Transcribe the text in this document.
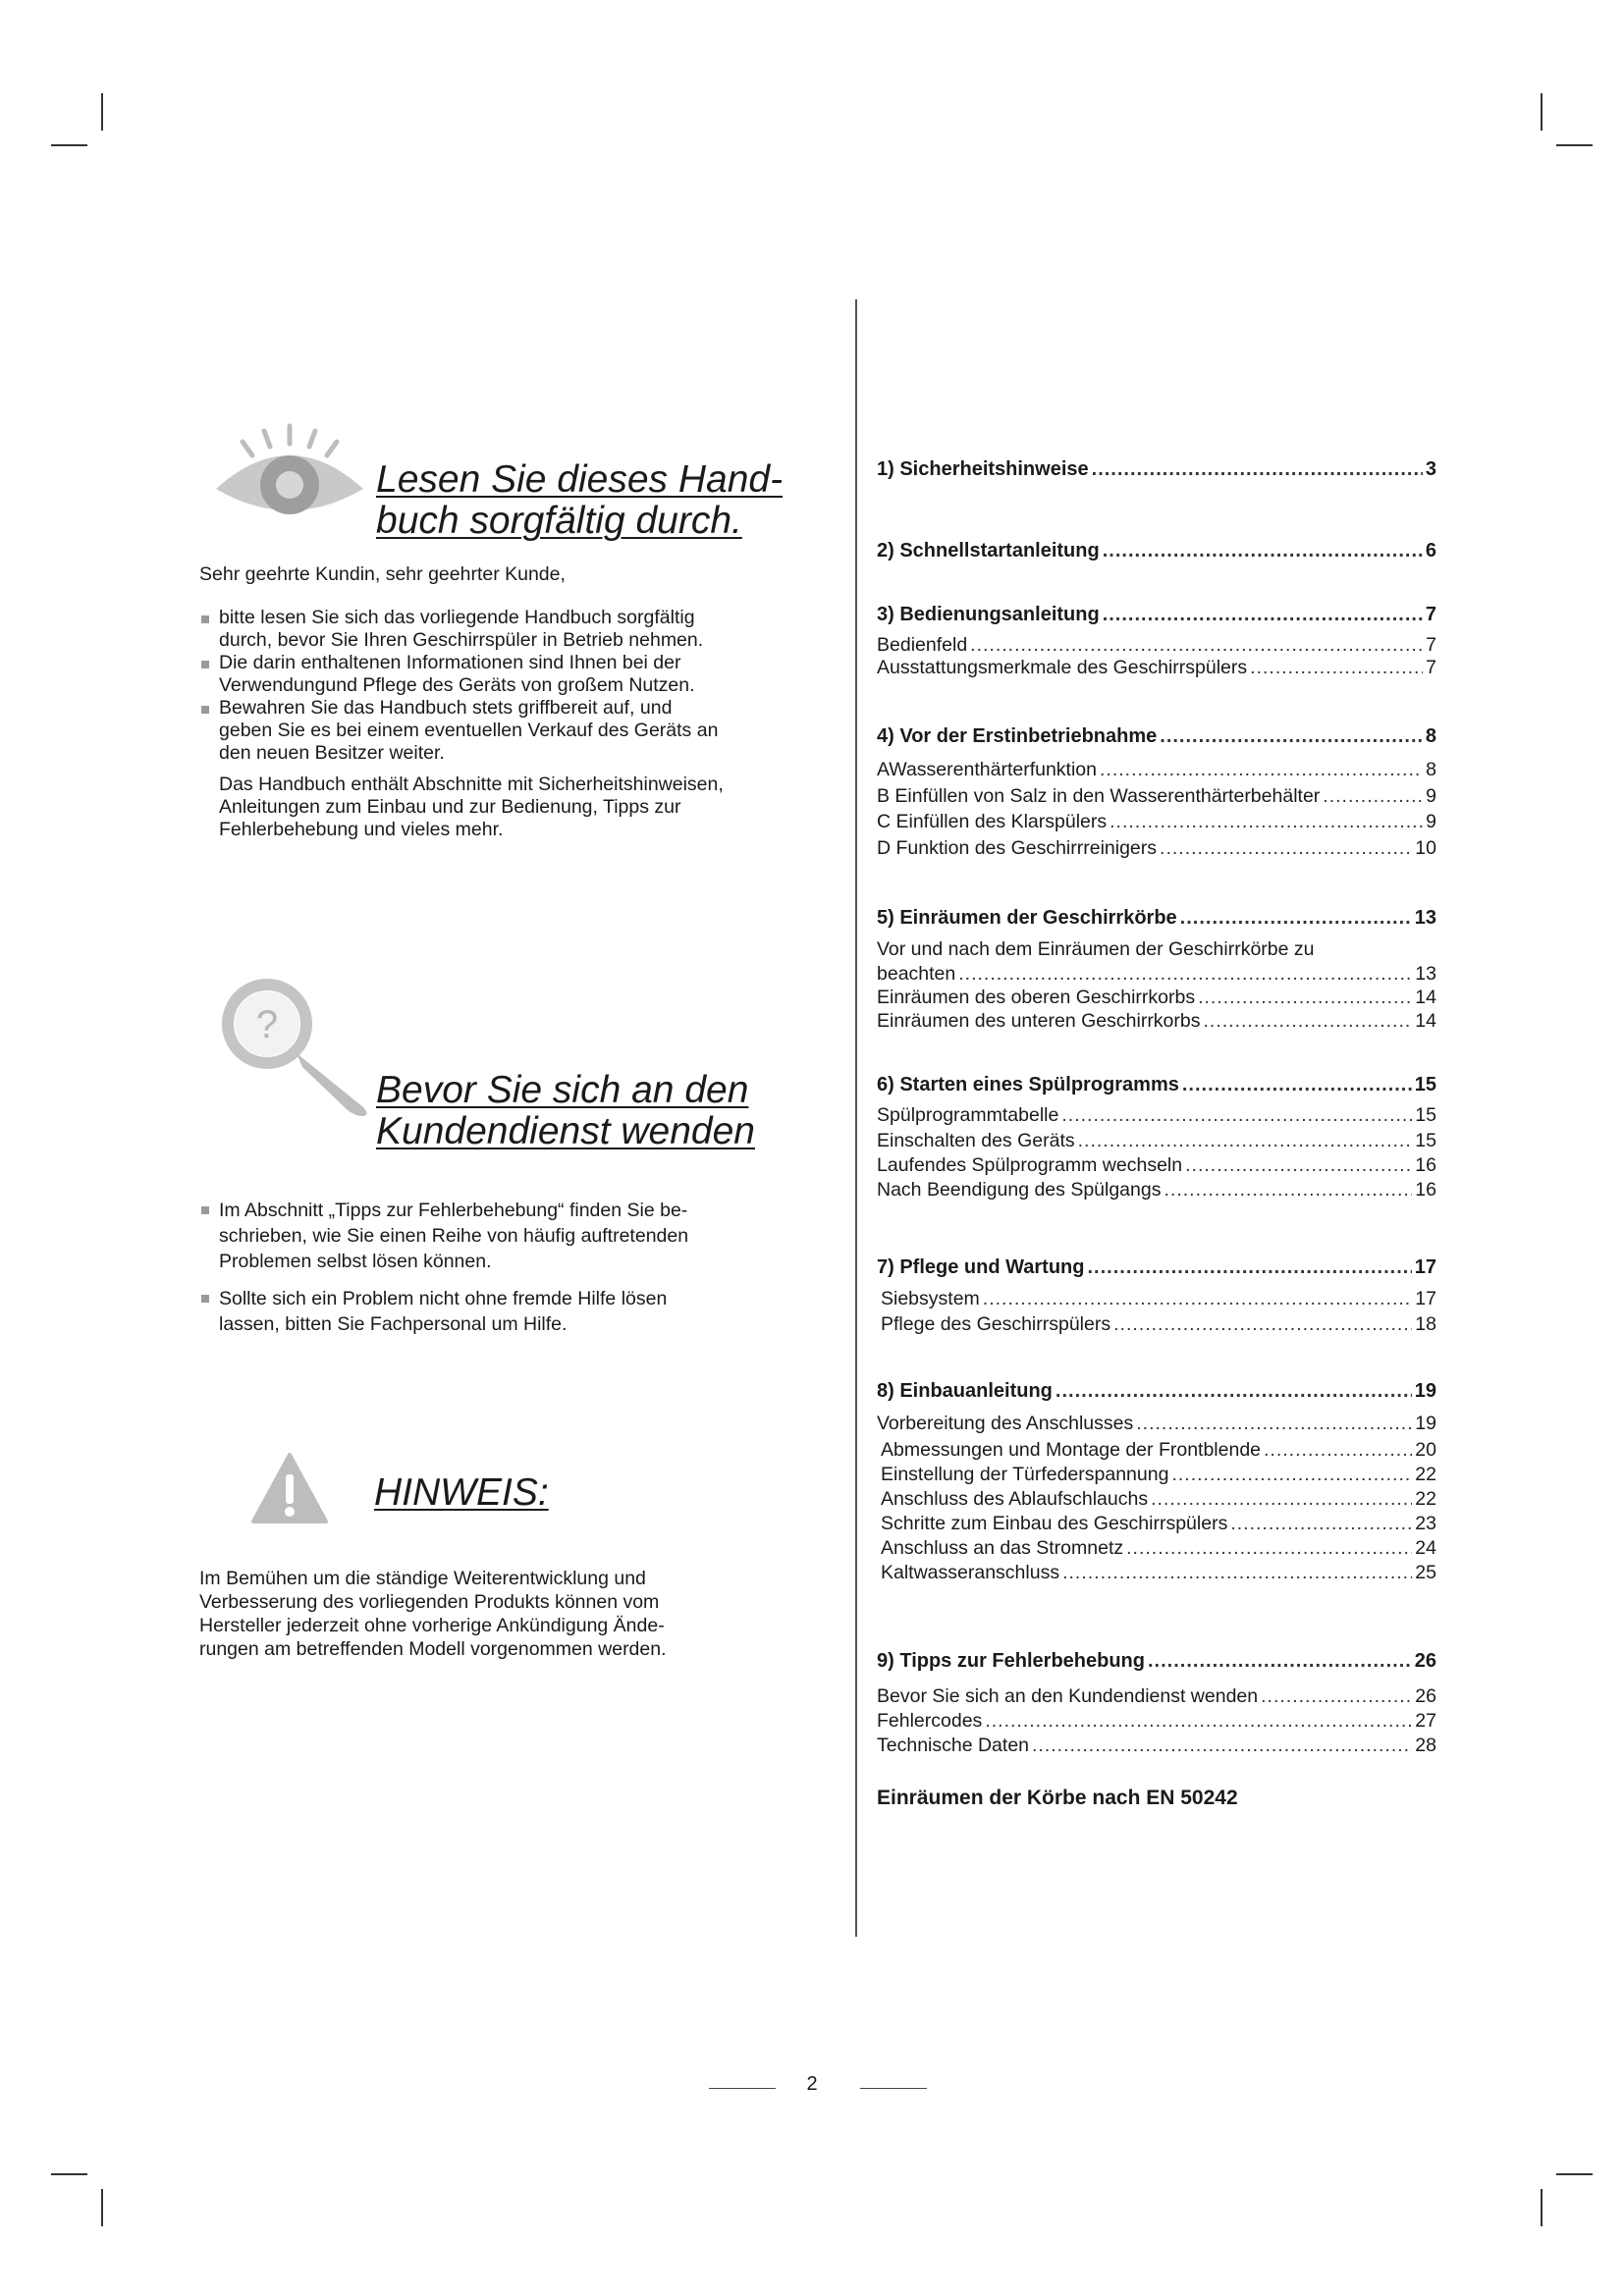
Lesen Sie dieses Hand-
buch sorgfältig durch.
Sehr geehrte Kundin, sehr geehrter Kunde,
bitte lesen Sie sich das vorliegende Handbuch sorgfältig
durch, bevor Sie Ihren Geschirrspüler in Betrieb nehmen.
Die darin enthaltenen Informationen sind Ihnen bei der
Verwendungund Pflege des Geräts von großem Nutzen.
Bewahren Sie das Handbuch stets griffbereit auf, und
geben Sie es bei einem eventuellen Verkauf des Geräts an
den neuen Besitzer weiter.
Das Handbuch enthält Abschnitte mit Sicherheitshinweisen,
Anleitungen zum Einbau und zur Bedienung, Tipps zur
Fehlerbehebung und vieles mehr.
?
Bevor Sie sich an den
Kundendienst wenden
Im Abschnitt „Tipps zur Fehlerbehebung“ finden Sie be-
schrieben, wie Sie einen Reihe von häufig auftretenden
Problemen selbst lösen können.
Sollte sich ein Problem nicht ohne fremde Hilfe lösen
lassen, bitten Sie Fachpersonal um Hilfe.
HINWEIS:
Im Bemühen um die ständige Weiterentwicklung und
Verbesserung des vorliegenden Produkts können vom
Hersteller jederzeit ohne vorherige Ankündigung Ände-
rungen am betreffenden Modell vorgenommen werden.
1) Sicherheitshinweise .....	3
2) Schnellstartanleitung .....	6
3) Bedienungsanleitung .....	7
Bedienfeld .....	7
Ausstattungsmerkmale des Geschirrspülers .....	7
4) Vor der Erstinbetriebnahme .....	8
AWasserenthärterfunktion .....	8
B Einfüllen von Salz in den Wasserenthärterbehälter .....	9
C Einfüllen des Klarspülers .....	9
D Funktion des Geschirrreinigers .....	10
5) Einräumen der Geschirrkörbe .....	13
Vor und nach dem Einräumen der Geschirrkörbe zu
beachten .....	13
Einräumen des oberen Geschirrkorbs .....	14
Einräumen des unteren Geschirrkorbs .....	14
6) Starten eines Spülprogramms .....	15
Spülprogrammtabelle .....	15
Einschalten des Geräts .....	15
Laufendes Spülprogramm wechseln .....	16
Nach Beendigung des Spülgangs .....	16
7) Pflege und Wartung .....	17
Siebsystem .....	17
Pflege des Geschirrspülers .....	18
8) Einbauanleitung .....	19
Vorbereitung des Anschlusses .....	19
Abmessungen und Montage der Frontblende .....	20
Einstellung der Türfederspannung .....	22
Anschluss des Ablaufschlauchs .....	22
Schritte zum Einbau des Geschirrspülers .....	23
Anschluss an das Stromnetz .....	24
Kaltwasseranschluss .....	25
9) Tipps zur Fehlerbehebung .....	26
Bevor Sie sich an den Kundendienst wenden .....	26
Fehlercodes .....	27
Technische Daten .....	28
Einräumen der Körbe nach EN 50242
2
